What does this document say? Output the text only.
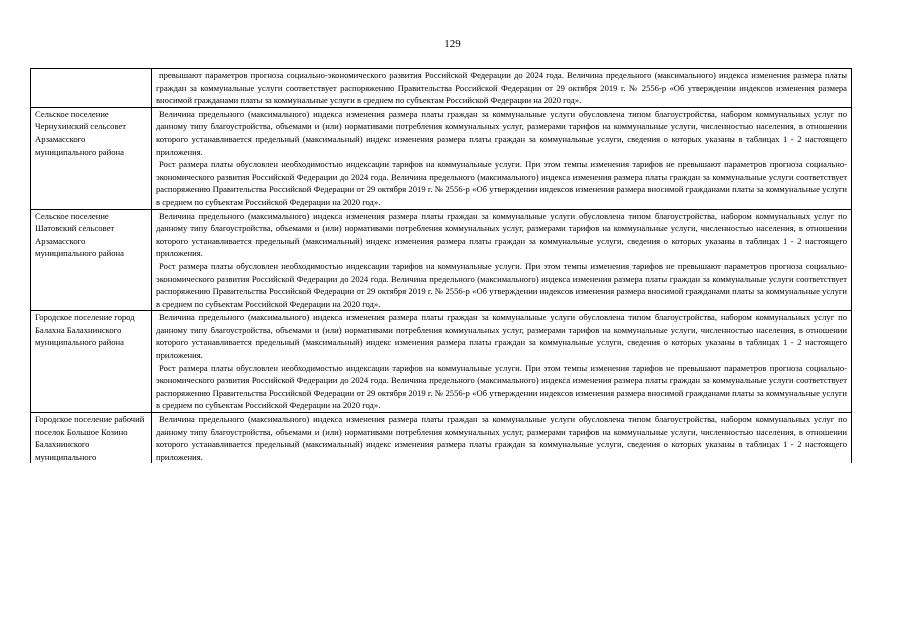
129

	превышают параметров прогноза социально-экономического развития Российской Федерации до 2024 года. Величина предельного (максимального) индекса изменения размера платы граждан за коммунальные услуги соответствует распоряжению Правительства Российской Федерации от 29 октября 2019 г. № 2556-р «Об утверждении индексов изменения размера вносимой гражданами платы за коммунальные услуги в среднем по субъектам Российской Федерации на 2020 год».

Сельское поселение Чернухинский сельсовет Арзамасского муниципального района	Величина предельного (максимального) индекса изменения размера платы граждан за коммунальные услуги обусловлена типом благоустройства, набором коммунальных услуг по данному типу благоустройства, объемами и (или) нормативами потребления коммунальных услуг, размерами тарифов на коммунальные услуги, численностью населения, в отношении которого устанавливается предельный (максимальный) индекс изменения размера платы граждан за коммунальные услуги, сведения о которых указаны в таблицах 1 - 2 настоящего приложения.
Рост размера платы обусловлен необходимостью индексации тарифов на коммунальные услуги. При этом темпы изменения тарифов не превышают параметров прогноза социально-экономического развития Российской Федерации до 2024 года. Величина предельного (максимального) индекса изменения размера платы граждан за коммунальные услуги соответствует распоряжению Правительства Российской Федерации от 29 октября 2019 г. № 2556-р «Об утверждении индексов изменения размера вносимой гражданами платы за коммунальные услуги в среднем по субъектам Российской Федерации на 2020 год».

Сельское поселение Шатовский сельсовет Арзамасского муниципального района	Величина предельного (максимального) индекса изменения размера платы граждан за коммунальные услуги обусловлена типом благоустройства, набором коммунальных услуг по данному типу благоустройства, объемами и (или) нормативами потребления коммунальных услуг, размерами тарифов на коммунальные услуги, численностью населения, в отношении которого устанавливается предельный (максимальный) индекс изменения размера платы граждан за коммунальные услуги, сведения о которых указаны в таблицах 1 - 2 настоящего приложения.
Рост размера платы обусловлен необходимостью индексации тарифов на коммунальные услуги. При этом темпы изменения тарифов не превышают параметров прогноза социально-экономического развития Российской Федерации до 2024 года. Величина предельного (максимального) индекса изменения размера платы граждан за коммунальные услуги соответствует распоряжению Правительства Российской Федерации от 29 октября 2019 г. № 2556-р «Об утверждении индексов изменения размера вносимой гражданами платы за коммунальные услуги в среднем по субъектам Российской Федерации на 2020 год».

Городское поселение город Балахна Балахнинского муниципального района	Величина предельного (максимального) индекса изменения размера платы граждан за коммунальные услуги обусловлена типом благоустройства, набором коммунальных услуг по данному типу благоустройства, объемами и (или) нормативами потребления коммунальных услуг, размерами тарифов на коммунальные услуги, численностью населения, в отношении которого устанавливается предельный (максимальный) индекс изменения размера платы граждан за коммунальные услуги, сведения о которых указаны в таблицах 1 - 2 настоящего приложения.
Рост размера платы обусловлен необходимостью индексации тарифов на коммунальные услуги. При этом темпы изменения тарифов не превышают параметров прогноза социально-экономического развития Российской Федерации до 2024 года. Величина предельного (максимального) индекса изменения размера платы граждан за коммунальные услуги соответствует распоряжению Правительства Российской Федерации от 29 октября 2019 г. № 2556-р «Об утверждении индексов изменения размера вносимой гражданами платы за коммунальные услуги в среднем по субъектам Российской Федерации на 2020 год».

Городское поселение рабочий поселок Большое Козино Балахнинского муниципального	Величина предельного (максимального) индекса изменения размера платы граждан за коммунальные услуги обусловлена типом благоустройства, набором коммунальных услуг по данному типу благоустройства, объемами и (или) нормативами потребления коммунальных услуг, размерами тарифов на коммунальные услуги, численностью населения, в отношении которого устанавливается предельный (максимальный) индекс изменения размера платы граждан за коммунальные услуги, сведения о которых указаны в таблицах 1 - 2 настоящего приложения.
